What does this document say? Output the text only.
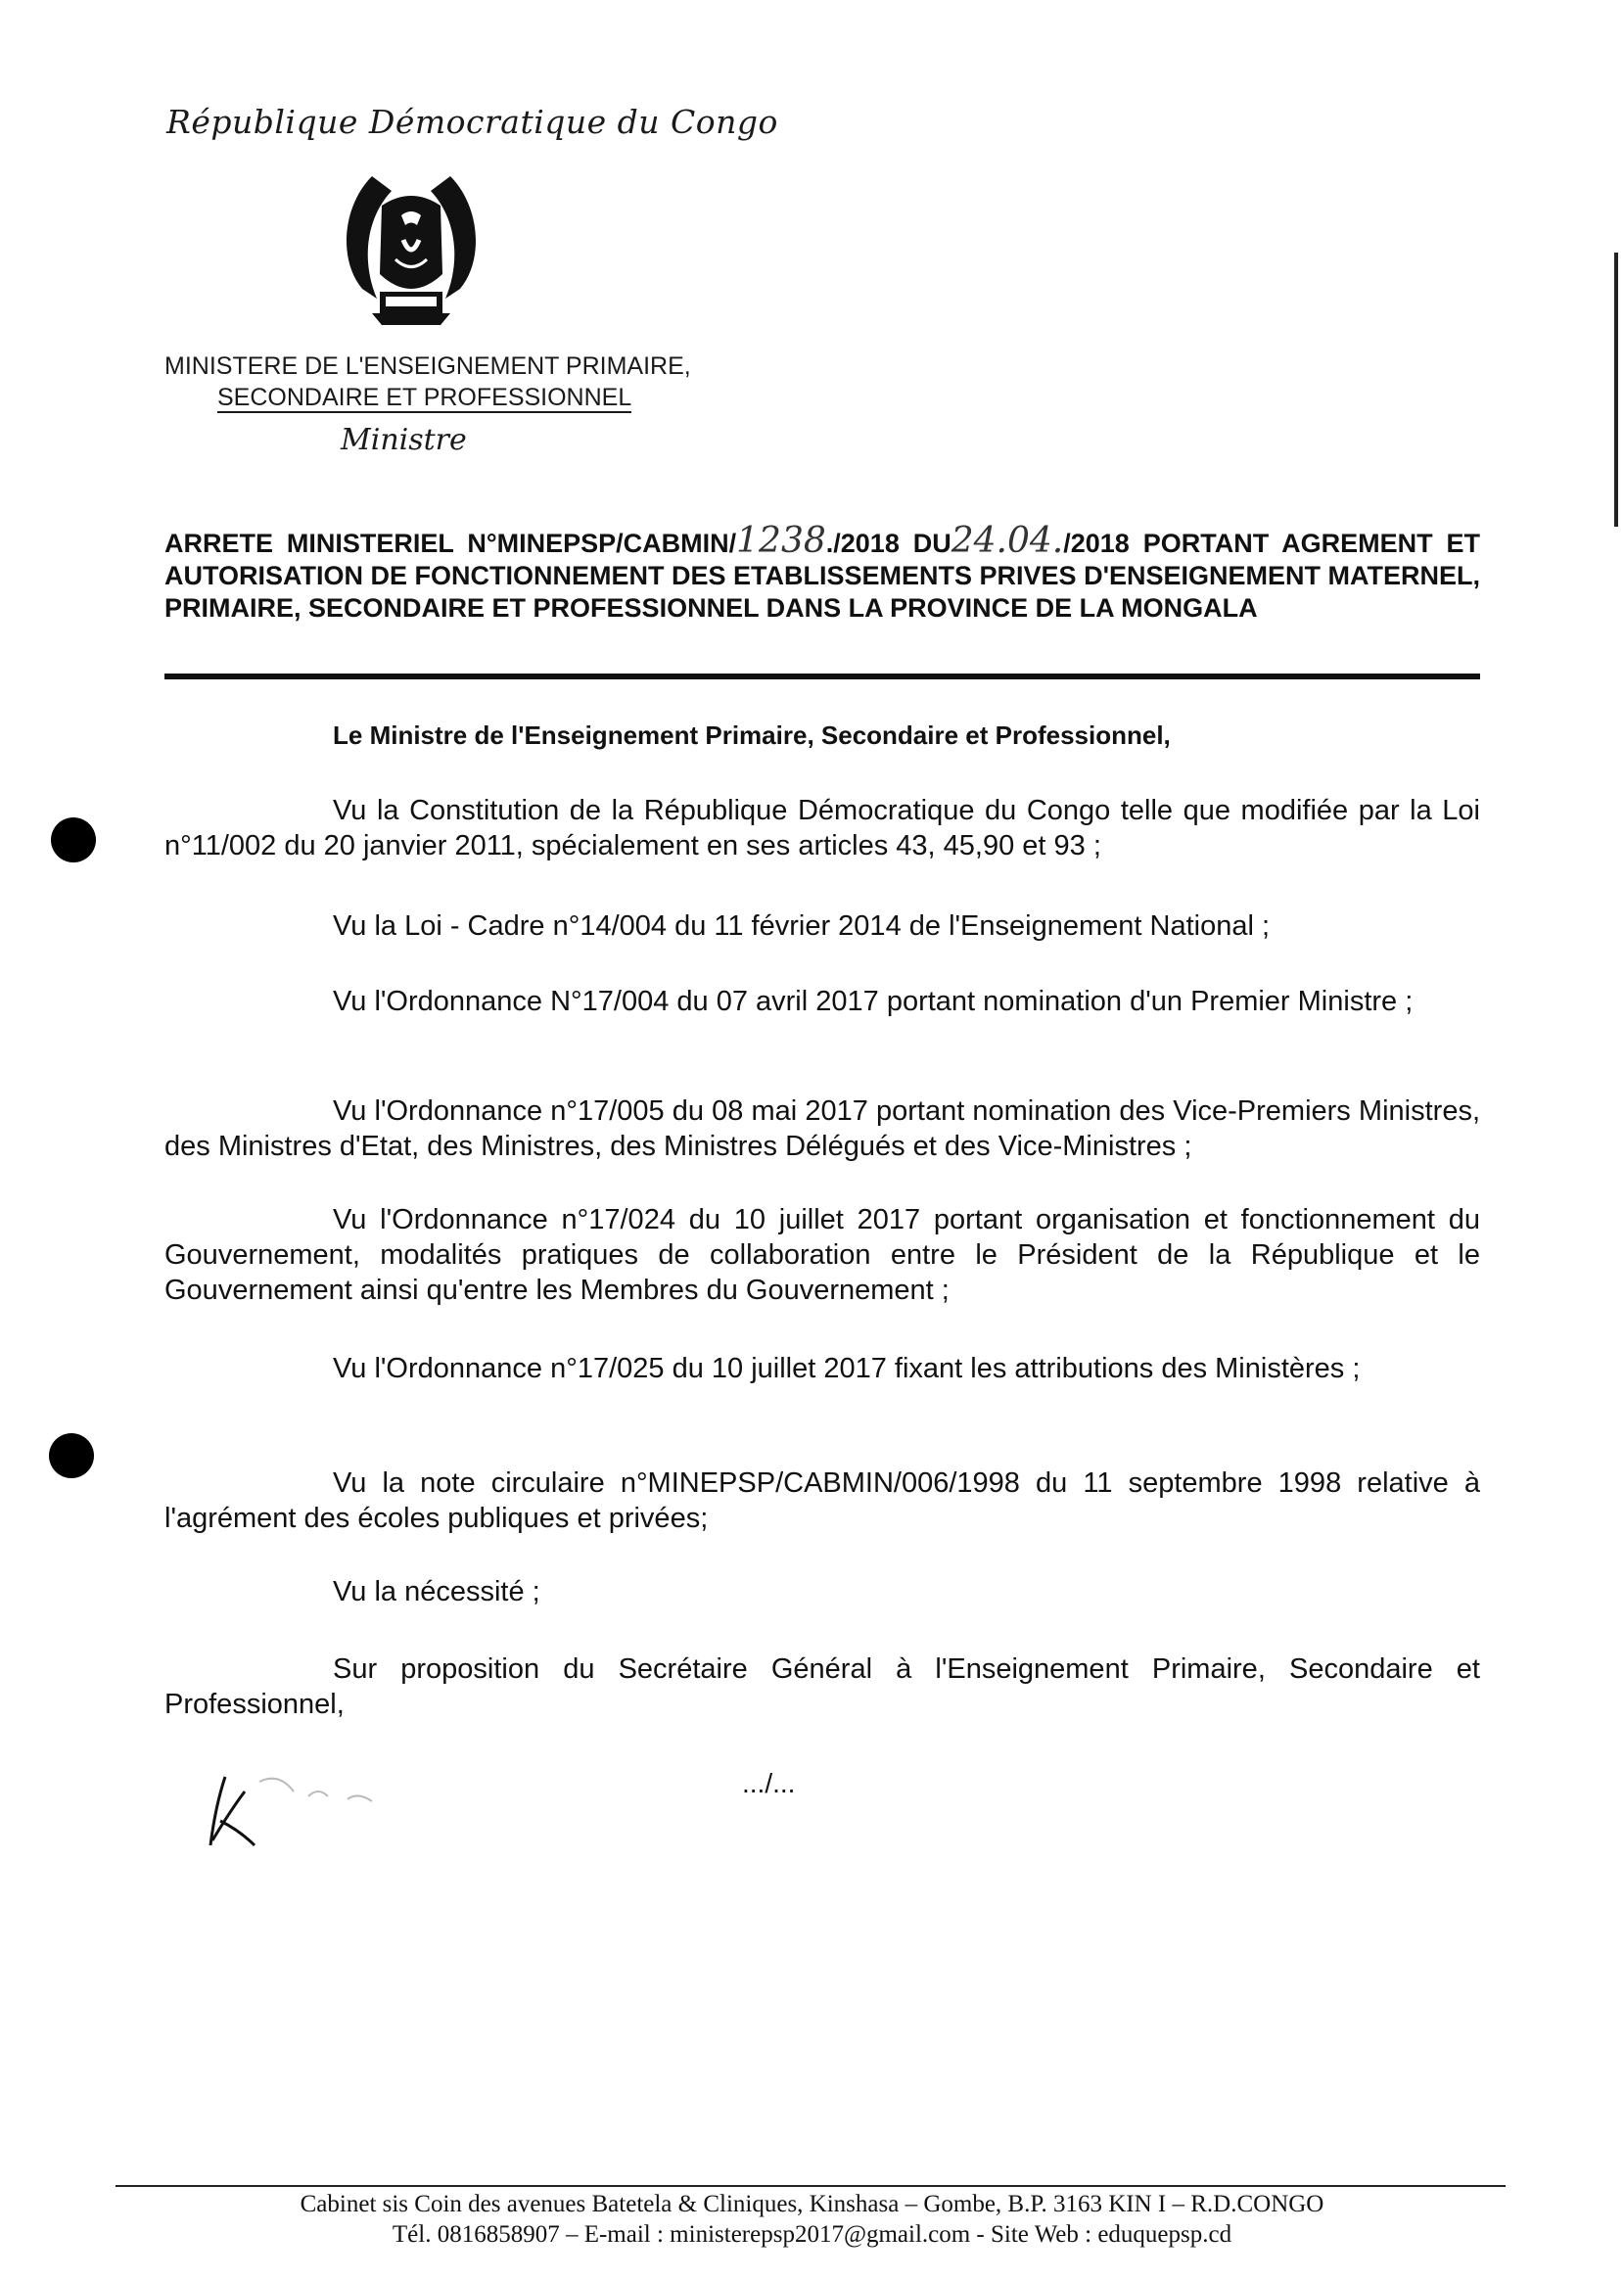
République Démocratique du Congo
MINISTERE DE L'ENSEIGNEMENT PRIMAIRE,
SECONDAIRE ET PROFESSIONNEL
Ministre
ARRETE MINISTERIEL N°MINEPSP/CABMIN/1238./2018 DU24.04./2018 PORTANT AGREMENT ET AUTORISATION DE FONCTIONNEMENT DES ETABLISSEMENTS PRIVES D'ENSEIGNEMENT MATERNEL, PRIMAIRE, SECONDAIRE ET PROFESSIONNEL DANS LA PROVINCE DE LA MONGALA
Le Ministre de l'Enseignement Primaire, Secondaire et Professionnel,
Vu la Constitution de la République Démocratique du Congo telle que modifiée par la Loi n°11/002 du 20 janvier 2011, spécialement en ses articles 43, 45,90 et 93 ;
Vu la Loi - Cadre n°14/004 du 11 février 2014 de l'Enseignement National ;
Vu l'Ordonnance N°17/004 du 07 avril 2017 portant nomination d'un Premier Ministre ;
Vu l'Ordonnance n°17/005 du 08 mai 2017 portant nomination des Vice-Premiers Ministres, des Ministres d'Etat, des Ministres, des Ministres Délégués et des Vice-Ministres ;
Vu l'Ordonnance n°17/024 du 10 juillet 2017 portant organisation et fonctionnement du Gouvernement, modalités pratiques de collaboration entre le Président de la République et le Gouvernement ainsi qu'entre les Membres du Gouvernement ;
Vu l'Ordonnance n°17/025 du 10 juillet 2017 fixant les attributions des Ministères ;
Vu la note circulaire n°MINEPSP/CABMIN/006/1998 du 11 septembre 1998 relative à l'agrément des écoles publiques et privées;
Vu la nécessité ;
Sur proposition du Secrétaire Général à l'Enseignement Primaire, Secondaire et Professionnel,
.../...
Cabinet sis Coin des avenues Batetela & Cliniques, Kinshasa – Gombe, B.P. 3163 KIN I – R.D.CONGO
Tél. 0816858907 – E-mail : ministerepsp2017@gmail.com - Site Web : eduquepsp.cd
